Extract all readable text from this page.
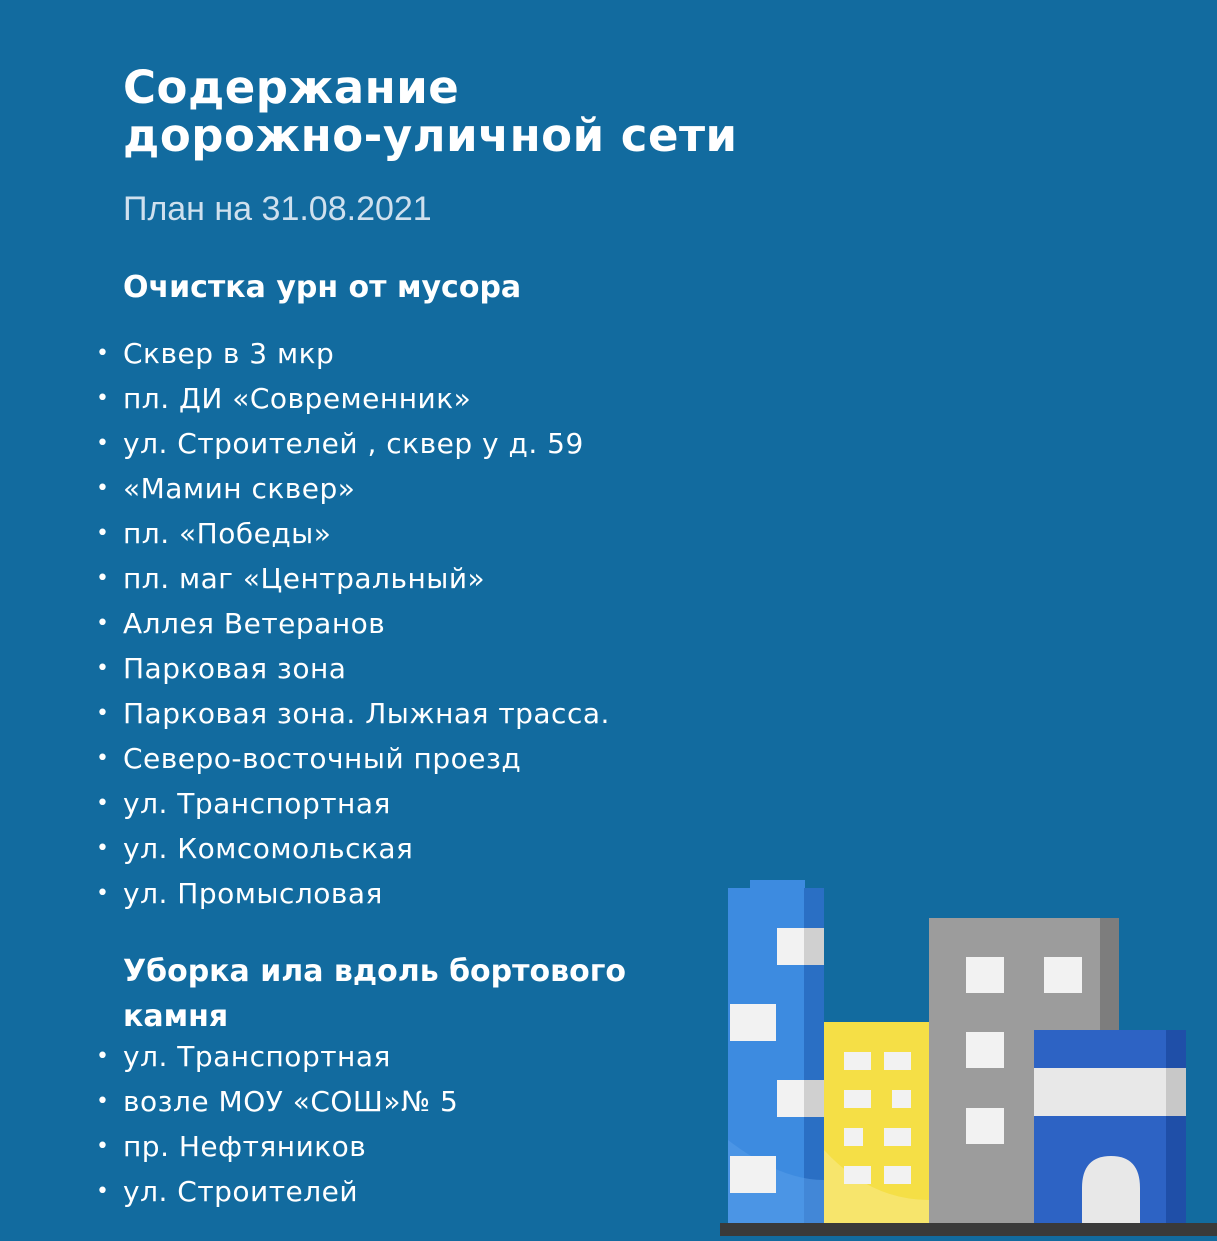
Содержание
дорожно-уличной сети

План на 31.08.2021

Очистка урн от мусора
• Сквер в 3 мкр
• пл. ДИ «Современник»
• ул. Строителей , сквер у д. 59
• «Мамин сквер»
• пл. «Победы»
• пл. маг «Центральный»
• Аллея Ветеранов
• Парковая зона
• Парковая зона. Лыжная трасса.
• Северо-восточный проезд
• ул. Транспортная
• ул. Комсомольская
• ул. Промысловая
Уборка ила вдоль бортового камня
• ул. Транспортная
• возле МОУ «СОШ»№ 5
• пр. Нефтяников
• ул. Строителей
